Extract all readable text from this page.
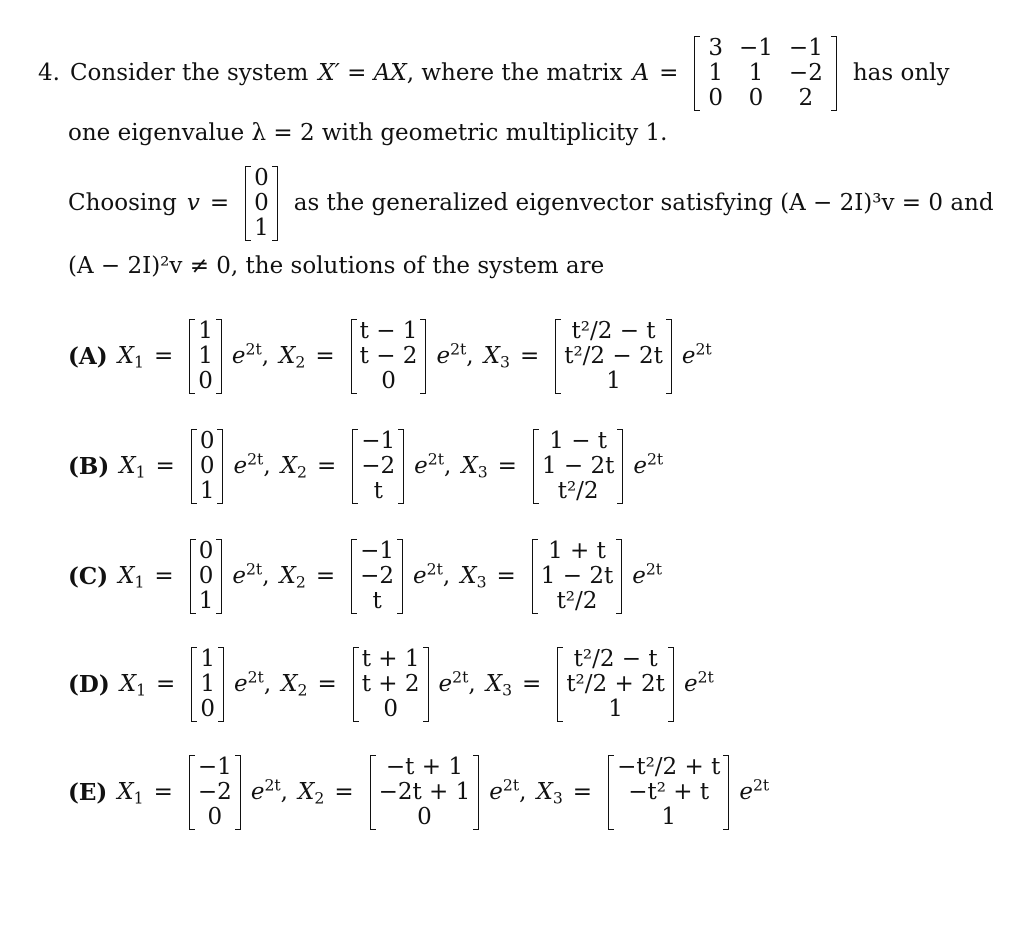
4. Consider the system X′ = AX , where the matrix A =
3	−1	−1
1	1	−2
0	0	2
has only
one eigenvalue λ = 2 with geometric multiplicity 1.
Choosing v =
0
0
1
as the generalized eigenvector satisfying (A − 2I)³v = 0 and
(A − 2I)²v ≠ 0, the solutions of the system are
(A) $X_1$ =
1
1
0
$e^{2t}$ , $X_2$ =
t − 1
t − 2
0
$e^{2t}$ , $X_3$ =
t²/2 − t
t²/2 − 2t
1
$e^{2t}$
(B) $X_1$ =
0
0
1
$e^{2t}$ , $X_2$ =
−1
−2
t
$e^{2t}$ , $X_3$ =
1 − t
1 − 2t
t²/2
$e^{2t}$
(C) $X_1$ =
0
0
1
$e^{2t}$ , $X_2$ =
−1
−2
t
$e^{2t}$ , $X_3$ =
1 + t
1 − 2t
t²/2
$e^{2t}$
(D) $X_1$ =
1
1
0
$e^{2t}$ , $X_2$ =
t + 1
t + 2
0
$e^{2t}$ , $X_3$ =
t²/2 − t
t²/2 + 2t
1
$e^{2t}$
(E) $X_1$ =
−1
−2
0
$e^{2t}$ , $X_2$ =
−t + 1
−2t + 1
0
$e^{2t}$ , $X_3$ =
−t²/2 + t
−t² + t
1
$e^{2t}$
